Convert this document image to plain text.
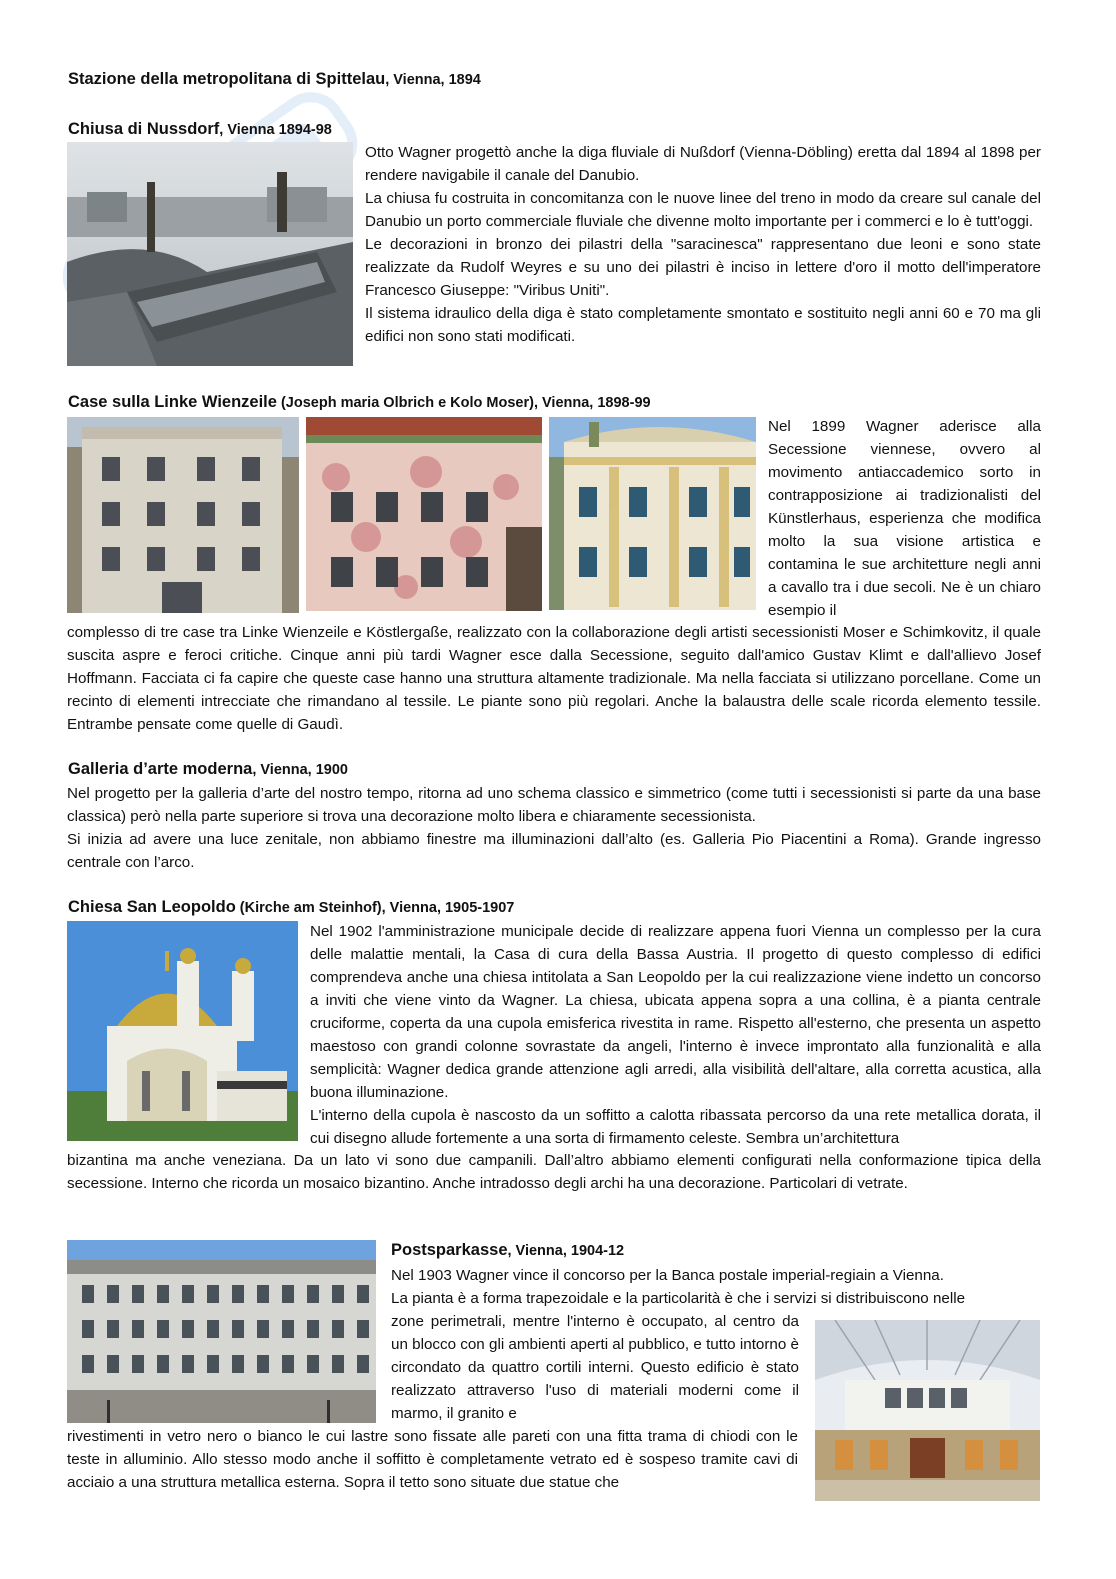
Stazione della metropolitana di Spittelau, Vienna, 1894
Chiusa di Nussdorf, Vienna 1894-98

Otto Wagner progettò anche la diga fluviale di Nußdorf (Vienna-Döbling) eretta dal 1894 al 1898 per rendere navigabile il canale del Danubio.

La chiusa fu costruita in concomitanza con le nuove linee del treno in modo da creare sul canale del Danubio un porto commerciale fluviale che divenne molto importante per i commerci e lo è tutt'oggi.

Le decorazioni in bronzo dei pilastri della "saracinesca" rappresentano due leoni e sono state realizzate da Rudolf Weyres e su uno dei pilastri è inciso in lettere d'oro il motto dell'imperatore Francesco Giuseppe: "Viribus Uniti".

Il sistema idraulico della diga è stato completamente smontato e sostituito negli anni 60 e 70 ma gli edifici non sono stati modificati.

Case sulla Linke Wienzeile (Joseph maria Olbrich e Kolo Moser), Vienna, 1898-99

Nel 1899 Wagner aderisce alla Secessione viennese, ovvero al movimento antiaccademico sorto in contrapposizione ai tradizionalisti del Künstlerhaus, esperienza che modifica molto la sua visione artistica e contamina le sue architetture negli anni a cavallo tra i due secoli. Ne è un chiaro esempio il

complesso di tre case tra Linke Wienzeile e Köstlergaße, realizzato con la collaborazione degli artisti secessionisti Moser e Schimkovitz, il quale suscita aspre e feroci critiche. Cinque anni più tardi Wagner esce dalla Secessione, seguito dall'amico Gustav Klimt e dall'allievo Josef Hoffmann. Facciata ci fa capire che queste case hanno una struttura altamente tradizionale. Ma nella facciata si utilizzano porcellane. Come un recinto di elementi intrecciate che rimandano al tessile. Le piante sono più regolari. Anche la balaustra delle scale ricorda elemento tessile. Entrambe pensate come quelle di Gaudì.

Galleria d’arte moderna, Vienna, 1900

Nel progetto per la galleria d’arte del nostro tempo, ritorna ad uno schema classico e simmetrico (come tutti i secessionisti si parte da una base classica) però nella parte superiore si trova una decorazione molto libera e chiaramente secessionista.

Si inizia ad avere una luce zenitale, non abbiamo finestre ma illuminazioni dall’alto (es. Galleria Pio Piacentini a Roma). Grande ingresso centrale con l’arco.

Chiesa San Leopoldo (Kirche am Steinhof), Vienna, 1905-1907

Nel 1902 l'amministrazione municipale decide di realizzare appena fuori Vienna un complesso per la cura delle malattie mentali, la Casa di cura della Bassa Austria. Il progetto di questo complesso di edifici comprendeva anche una chiesa intitolata a San Leopoldo per la cui realizzazione viene indetto un concorso a inviti che viene vinto da Wagner. La chiesa, ubicata appena sopra a una collina, è a pianta centrale cruciforme, coperta da una cupola emisferica rivestita in rame. Rispetto all'esterno, che presenta un aspetto maestoso con grandi colonne sovrastate da angeli, l'interno è invece improntato alla funzionalità e alla semplicità: Wagner dedica grande attenzione agli arredi, alla visibilità dell'altare, alla corretta acustica, alla buona illuminazione.

L'interno della cupola è nascosto da un soffitto a calotta ribassata percorso da una rete metallica dorata, il cui disegno allude fortemente a una sorta di firmamento celeste. Sembra un’architettura

bizantina ma anche veneziana. Da un lato vi sono due campanili. Dall’altro abbiamo elementi configurati nella conformazione tipica della secessione. Interno che ricorda un mosaico bizantino. Anche intradosso degli archi ha una decorazione. Particolari di vetrate.

Postsparkasse, Vienna, 1904-12

Nel 1903 Wagner vince il concorso per la Banca postale imperial-regiain a Vienna.

La pianta è a forma trapezoidale e la particolarità è che i servizi si distribuiscono nelle

zone perimetrali, mentre l'interno è occupato, al centro da un blocco con gli ambienti aperti al pubblico, e tutto intorno è circondato da quattro cortili interni. Questo edificio è stato realizzato attraverso l'uso di materiali moderni come il marmo, il granito e

rivestimenti in vetro nero o bianco le cui lastre sono fissate alle pareti con una fitta trama di chiodi con le teste in alluminio. Allo stesso modo anche il soffitto è completamente vetrato ed è sospeso tramite cavi di acciaio a una struttura metallica esterna. Sopra il tetto sono situate due statue che
